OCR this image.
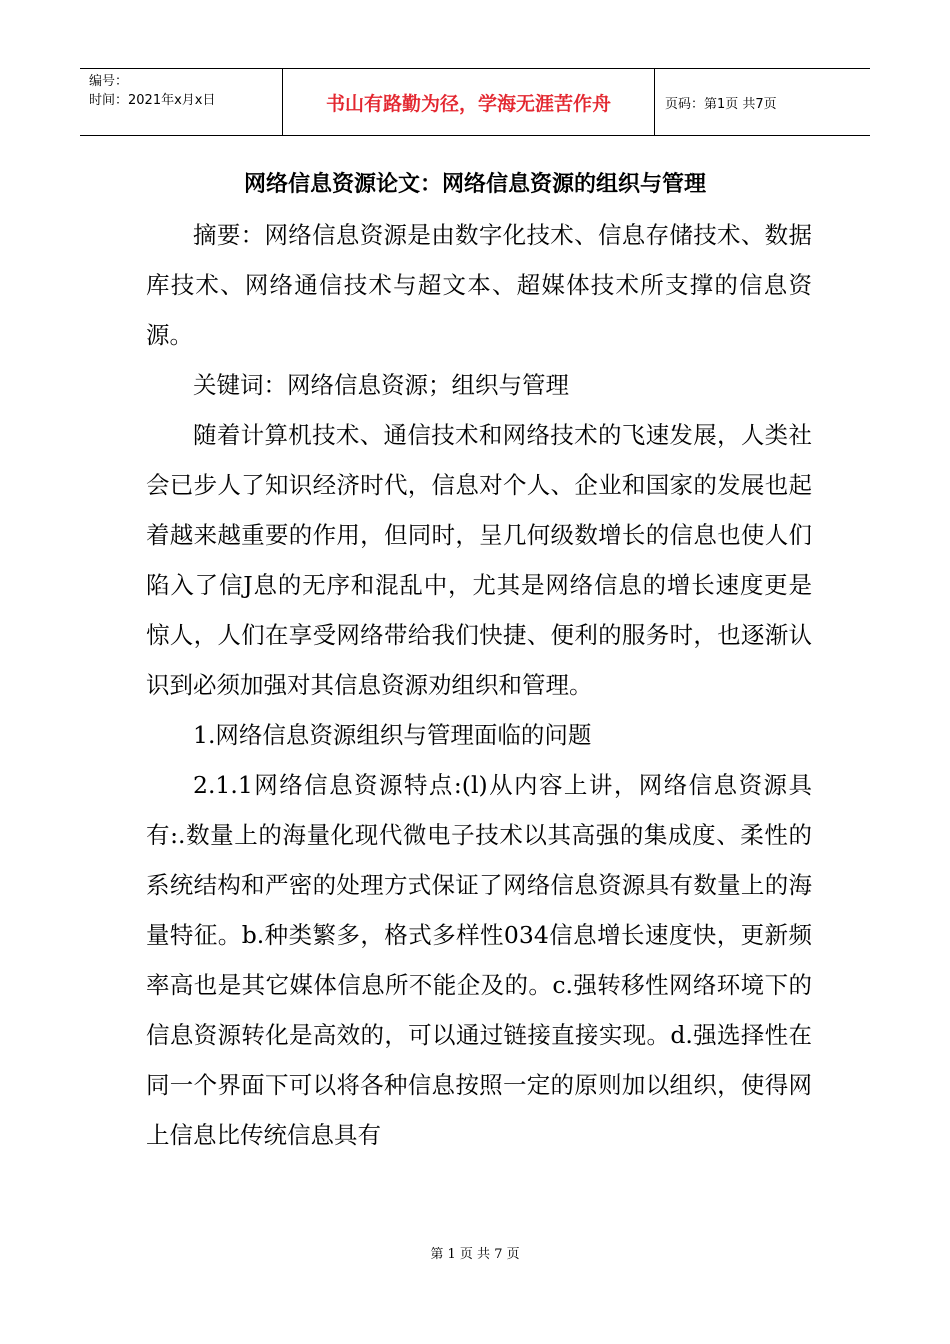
编号：
时间：2021年x月x日	书山有路勤为径，学海无涯苦作舟	页码：第1页 共7页
网络信息资源论文：网络信息资源的组织与管理

摘要：网络信息资源是由数字化技术、信息存储技术、数据库技术、网络通信技术与超文本、超媒体技术所支撑的信息资源。

关键词：网络信息资源；组织与管理

随着计算机技术、通信技术和网络技术的飞速发展，人类社会已步人了知识经济时代，信息对个人、企业和国家的发展也起着越来越重要的作用，但同时，呈几何级数增长的信息也使人们陷入了信J息的无序和混乱中，尤其是网络信息的增长速度更是惊人，人们在享受网络带给我们快捷、便利的服务时，也逐渐认识到必须加强对其信息资源劝组织和管理。

1.网络信息资源组织与管理面临的问题

2.1.1网络信息资源特点:(l)从内容上讲，网络信息资源具有:.数量上的海量化现代微电子技术以其高强的集成度、柔性的系统结构和严密的处理方式保证了网络信息资源具有数量上的海量特征。b.种类繁多，格式多样性034信息增长速度快，更新频率高也是其它媒体信息所不能企及的。c.强转移性网络环境下的信息资源转化是高效的，可以通过链接直接实现。d.强选择性在同一个界面下可以将各种信息按照一定的原则加以组织，使得网上信息比传统信息具有

第 1 页 共 7 页
